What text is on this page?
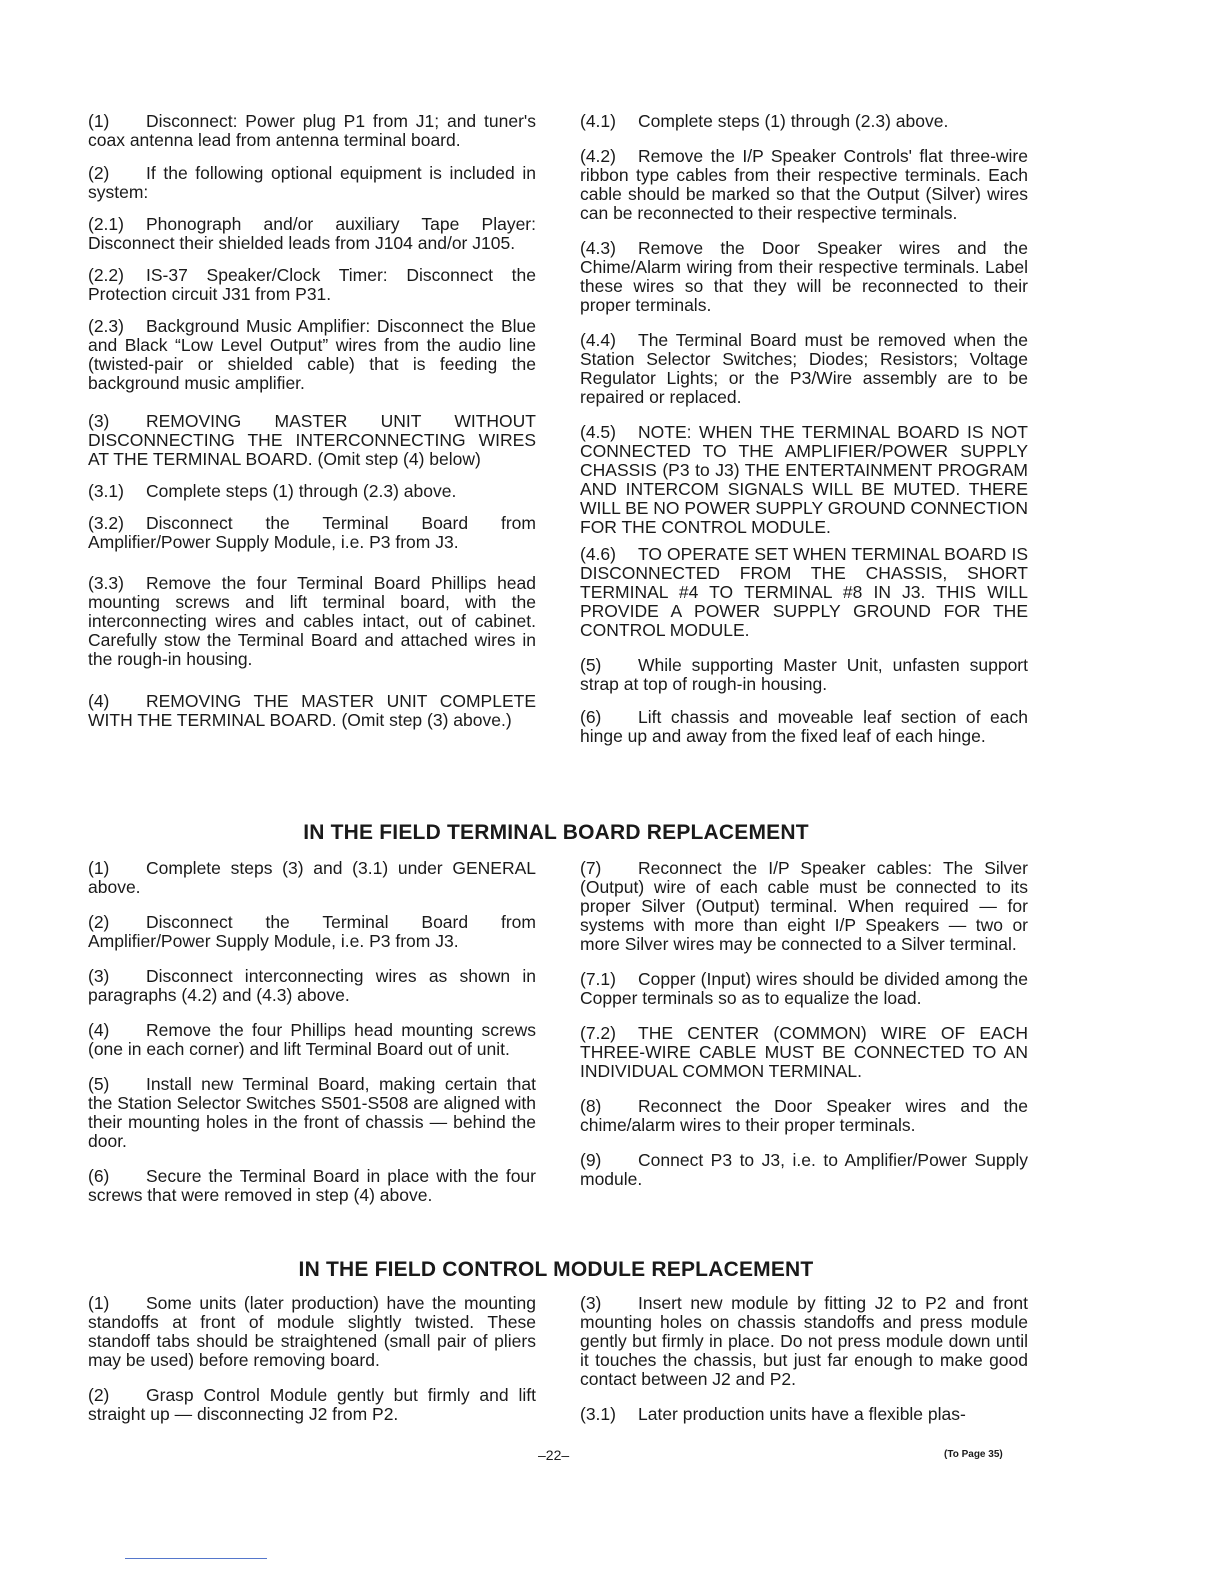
(1) Disconnect: Power plug P1 from J1; and tuner's coax antenna lead from antenna terminal board.

(2) If the following optional equipment is included in system:

(2.1) Phonograph and/or auxiliary Tape Player: Disconnect their shielded leads from J104 and/or J105.

(2.2) IS-37 Speaker/Clock Timer: Disconnect the Protection circuit J31 from P31.

(2.3) Background Music Amplifier: Disconnect the Blue and Black “Low Level Output” wires from the audio line (twisted-pair or shielded cable) that is feeding the background music amplifier.

(3) REMOVING MASTER UNIT WITHOUT DISCONNECTING THE INTERCONNECTING WIRES AT THE TERMINAL BOARD. (Omit step (4) below)

(3.1) Complete steps (1) through (2.3) above.

(3.2) Disconnect the Terminal Board from Amplifier/Power Supply Module, i.e. P3 from J3.

(3.3) Remove the four Terminal Board Phillips head mounting screws and lift terminal board, with the interconnecting wires and cables intact, out of cabinet. Carefully stow the Terminal Board and attached wires in the rough-in housing.

(4) REMOVING THE MASTER UNIT COMPLETE WITH THE TERMINAL BOARD. (Omit step (3) above.)

(4.1) Complete steps (1) through (2.3) above.

(4.2) Remove the I/P Speaker Controls' flat three-wire ribbon type cables from their respective terminals. Each cable should be marked so that the Output (Silver) wires can be reconnected to their respective terminals.

(4.3) Remove the Door Speaker wires and the Chime/Alarm wiring from their respective terminals. Label these wires so that they will be reconnected to their proper terminals.

(4.4) The Terminal Board must be removed when the Station Selector Switches; Diodes; Resistors; Voltage Regulator Lights; or the P3/Wire assembly are to be repaired or replaced.

(4.5) NOTE: WHEN THE TERMINAL BOARD IS NOT CONNECTED TO THE AMPLIFIER/POWER SUPPLY CHASSIS (P3 to J3) THE ENTERTAINMENT PROGRAM AND INTERCOM SIGNALS WILL BE MUTED. THERE WILL BE NO POWER SUPPLY GROUND CONNECTION FOR THE CONTROL MODULE.

(4.6) TO OPERATE SET WHEN TERMINAL BOARD IS DISCONNECTED FROM THE CHASSIS, SHORT TERMINAL #4 TO TERMINAL #8 IN J3. THIS WILL PROVIDE A POWER SUPPLY GROUND FOR THE CONTROL MODULE.

(5) While supporting Master Unit, unfasten support strap at top of rough-in housing.

(6) Lift chassis and moveable leaf section of each hinge up and away from the fixed leaf of each hinge.

IN THE FIELD TERMINAL BOARD REPLACEMENT

(1) Complete steps (3) and (3.1) under GENERAL above.

(2) Disconnect the Terminal Board from Amplifier/Power Supply Module, i.e. P3 from J3.

(3) Disconnect interconnecting wires as shown in paragraphs (4.2) and (4.3) above.

(4) Remove the four Phillips head mounting screws (one in each corner) and lift Terminal Board out of unit.

(5) Install new Terminal Board, making certain that the Station Selector Switches S501-S508 are aligned with their mounting holes in the front of chassis — behind the door.

(6) Secure the Terminal Board in place with the four screws that were removed in step (4) above.

(7) Reconnect the I/P Speaker cables: The Silver (Output) wire of each cable must be connected to its proper Silver (Output) terminal. When required — for systems with more than eight I/P Speakers — two or more Silver wires may be connected to a Silver terminal.

(7.1) Copper (Input) wires should be divided among the Copper terminals so as to equalize the load.

(7.2) THE CENTER (COMMON) WIRE OF EACH THREE-WIRE CABLE MUST BE CONNECTED TO AN INDIVIDUAL COMMON TERMINAL.

(8) Reconnect the Door Speaker wires and the chime/alarm wires to their proper terminals.

(9) Connect P3 to J3, i.e. to Amplifier/Power Supply module.

IN THE FIELD CONTROL MODULE REPLACEMENT

(1) Some units (later production) have the mounting standoffs at front of module slightly twisted. These standoff tabs should be straightened (small pair of pliers may be used) before removing board.

(2) Grasp Control Module gently but firmly and lift straight up — disconnecting J2 from P2.

(3) Insert new module by fitting J2 to P2 and front mounting holes on chassis standoffs and press module gently but firmly in place. Do not press module down until it touches the chassis, but just far enough to make good contact between J2 and P2.

(3.1) Later production units have a flexible plas-

–22–	(To Page 35)
